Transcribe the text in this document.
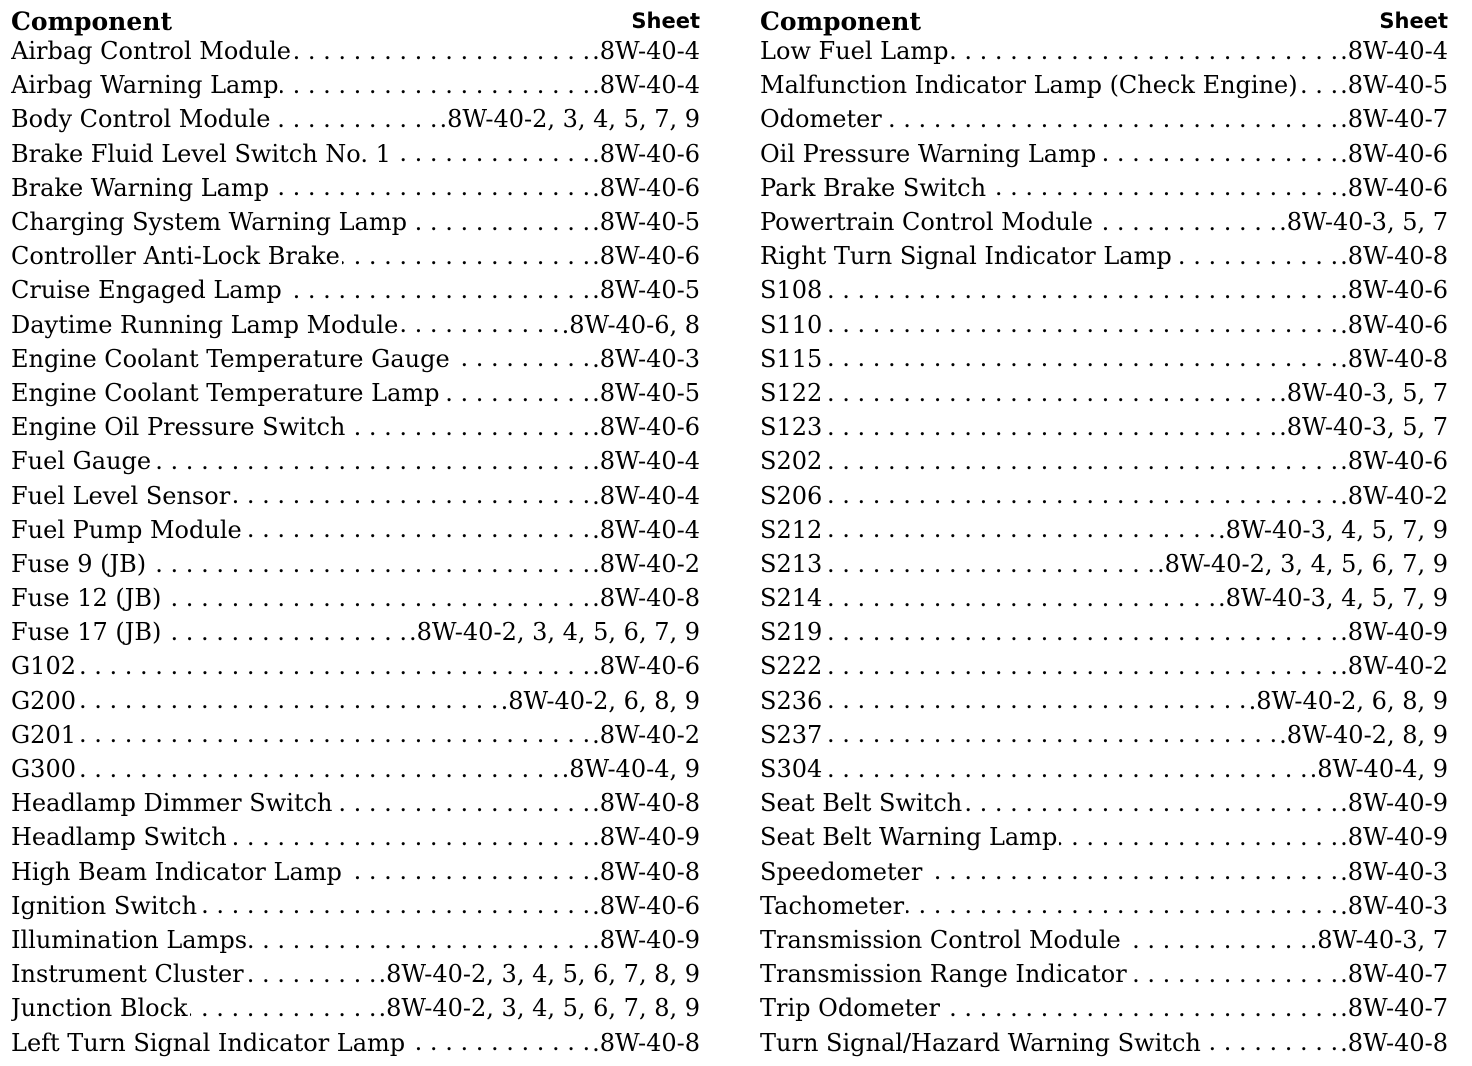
Component	Sheet
Airbag Control Module . . .	.8W-40-4
Airbag Warning Lamp . . .	.8W-40-4
Body Control Module . . .	.8W-40-2, 3, 4, 5, 7, 9
Brake Fluid Level Switch No. 1 . . .	.8W-40-6
Brake Warning Lamp . . .	.8W-40-6
Charging System Warning Lamp . . .	.8W-40-5
Controller Anti-Lock Brake . . .	.8W-40-6
Cruise Engaged Lamp . . .	.8W-40-5
Daytime Running Lamp Module . . .	.8W-40-6, 8
Engine Coolant Temperature Gauge . . .	.8W-40-3
Engine Coolant Temperature Lamp . . .	.8W-40-5
Engine Oil Pressure Switch . . .	.8W-40-6
Fuel Gauge . . .	.8W-40-4
Fuel Level Sensor . . .	.8W-40-4
Fuel Pump Module . . .	.8W-40-4
Fuse 9 (JB) . . .	.8W-40-2
Fuse 12 (JB) . . .	.8W-40-8
Fuse 17 (JB) . . .	.8W-40-2, 3, 4, 5, 6, 7, 9
G102 . . .	.8W-40-6
G200 . . .	.8W-40-2, 6, 8, 9
G201 . . .	.8W-40-2
G300 . . .	.8W-40-4, 9
Headlamp Dimmer Switch . . .	.8W-40-8
Headlamp Switch . . .	.8W-40-9
High Beam Indicator Lamp . . .	.8W-40-8
Ignition Switch . . .	.8W-40-6
Illumination Lamps . . .	.8W-40-9
Instrument Cluster . . .	.8W-40-2, 3, 4, 5, 6, 7, 8, 9
Junction Block . . .	.8W-40-2, 3, 4, 5, 6, 7, 8, 9
Left Turn Signal Indicator Lamp . . .	.8W-40-8
Component	Sheet
Low Fuel Lamp . . .	.8W-40-4
Malfunction Indicator Lamp (Check Engine) . . . .8W-40-5
Odometer . . .	.8W-40-7
Oil Pressure Warning Lamp . . .	.8W-40-6
Park Brake Switch . . .	.8W-40-6
Powertrain Control Module . . .	.8W-40-3, 5, 7
Right Turn Signal Indicator Lamp . . .	.8W-40-8
S108 . . .	.8W-40-6
S110 . . .	.8W-40-6
S115 . . .	.8W-40-8
S122 . . .	.8W-40-3, 5, 7
S123 . . .	.8W-40-3, 5, 7
S202 . . .	.8W-40-6
S206 . . .	.8W-40-2
S212 . . .	.8W-40-3, 4, 5, 7, 9
S213 . . .	.8W-40-2, 3, 4, 5, 6, 7, 9
S214 . . .	.8W-40-3, 4, 5, 7, 9
S219 . . .	.8W-40-9
S222 . . .	.8W-40-2
S236 . . .	.8W-40-2, 6, 8, 9
S237 . . .	.8W-40-2, 8, 9
S304 . . .	.8W-40-4, 9
Seat Belt Switch . . .	.8W-40-9
Seat Belt Warning Lamp . . .	.8W-40-9
Speedometer . . .	.8W-40-3
Tachometer . . .	.8W-40-3
Transmission Control Module . . .	.8W-40-3, 7
Transmission Range Indicator . . .	.8W-40-7
Trip Odometer . . .	.8W-40-7
Turn Signal/Hazard Warning Switch . . .	.8W-40-8
